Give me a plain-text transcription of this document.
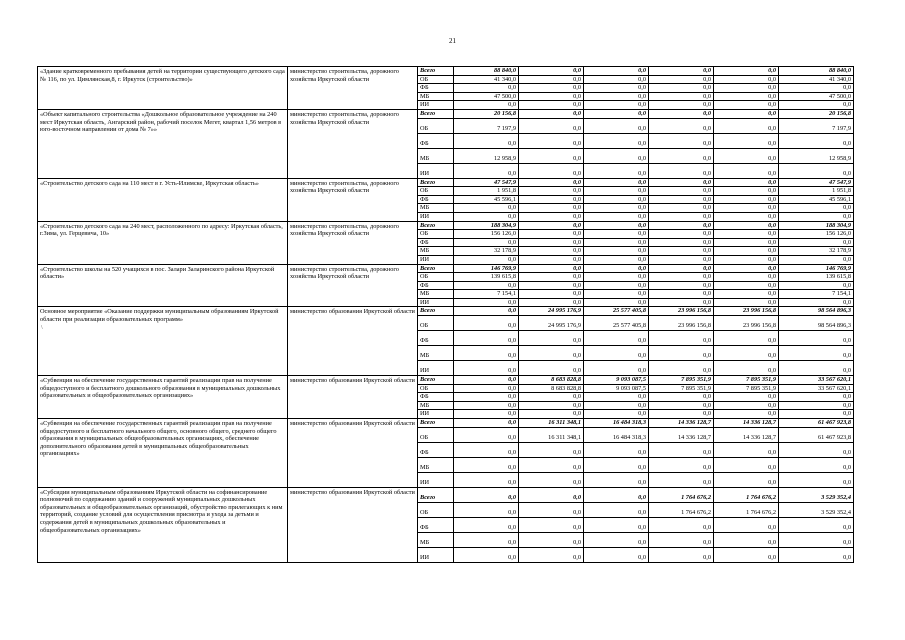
21
«Здание кратковременного пребывания детей на территории существующего детского сада № 116, по ул. Цимлянская,8, г. Иркутск (строительство)»	министерство строительства, дорожного хозяйства Иркутской области	Всего	88 840,0	0,0	0,0	0,0	0,0	88 840,0
		ОБ	41 340,0	0,0	0,0	0,0	0,0	41 340,0
		ФБ	0,0	0,0	0,0	0,0	0,0	0,0
		МБ	47 500,0	0,0	0,0	0,0	0,0	47 500,0
		ИИ	0,0	0,0	0,0	0,0	0,0	0,0
«Объект капитального строительства «Дошкольное образовательное учреждение на 240 мест Иркутская область, Ангарский район, рабочий поселок Мегет, квартал 1,56 метров в юго-восточном направлении от дома № 7»»	министерство строительства, дорожного хозяйства Иркутской области	Всего	20 156,8	0,0	0,0	0,0	0,0	20 156,8
		ОБ	7 197,9	0,0	0,0	0,0	0,0	7 197,9
		ФБ	0,0	0,0	0,0	0,0	0,0	0,0
		МБ	12 958,9	0,0	0,0	0,0	0,0	12 958,9
		ИИ	0,0	0,0	0,0	0,0	0,0	0,0
«Строительство детского сада на 110 мест в г. Усть-Илимске, Иркутская область»	министерство строительства, дорожного хозяйства Иркутской области	Всего	47 547,9	0,0	0,0	0,0	0,0	47 547,9
		ОБ	1 951,8	0,0	0,0	0,0	0,0	1 951,8
		ФБ	45 596,1	0,0	0,0	0,0	0,0	45 596,1
		МБ	0,0	0,0	0,0	0,0	0,0	0,0
		ИИ	0,0	0,0	0,0	0,0	0,0	0,0
«Строительство детского сада на 240 мест, расположенного по адресу: Иркутская область, г.Зима, ул. Герцевича, 10»	министерство строительства, дорожного хозяйства Иркутской области	Всего	188 304,9	0,0	0,0	0,0	0,0	188 304,9
		ОБ	156 126,0	0,0	0,0	0,0	0,0	156 126,0
		ФБ	0,0	0,0	0,0	0,0	0,0	0,0
		МБ	32 178,9	0,0	0,0	0,0	0,0	32 178,9
		ИИ	0,0	0,0	0,0	0,0	0,0	0,0
«Строительство школы на 520 учащихся в пос. Залари Заларинского района Иркутской области»	министерство строительства, дорожного хозяйства Иркутской области	Всего	146 769,9	0,0	0,0	0,0	0,0	146 769,9
		ОБ	139 615,8	0,0	0,0	0,0	0,0	139 615,8
		ФБ	0,0	0,0	0,0	0,0	0,0	0,0
		МБ	7 154,1	0,0	0,0	0,0	0,0	7 154,1
		ИИ	0,0	0,0	0,0	0,0	0,0	0,0
Основное мероприятие «Оказание поддержки муниципальным образованиям Иркутской области при реализации образовательных программ»	министерство образования Иркутской области	Всего	0,0	24 995 176,9	25 577 405,8	23 996 156,8	23 996 156,8	98 564 896,3
		ОБ	0,0	24 995 176,9	25 577 405,8	23 996 156,8	23 996 156,8	98 564 896,3
		ФБ	0,0	0,0	0,0	0,0	0,0	0,0
		МБ	0,0	0,0	0,0	0,0	0,0	0,0
		ИИ	0,0	0,0	0,0	0,0	0,0	0,0
«Субвенция на обеспечение государственных гарантий реализации прав на получение общедоступного и бесплатного дошкольного образования в муниципальных дошкольных образовательных и общеобразовательных организациях»	министерство образования Иркутской области	Всего	0,0	8 683 828,8	9 093 087,5	7 895 351,9	7 895 351,9	33 567 620,1
		ОБ	0,0	8 683 828,8	9 093 087,5	7 895 351,9	7 895 351,9	33 567 620,1
		ФБ	0,0	0,0	0,0	0,0	0,0	0,0
		МБ	0,0	0,0	0,0	0,0	0,0	0,0
		ИИ	0,0	0,0	0,0	0,0	0,0	0,0
«Субвенция на обеспечение государственных гарантий реализации прав на получение общедоступного и бесплатного начального общего, основного общего, среднего общего образования в муниципальных общеобразовательных организациях, обеспечение дополнительного образования детей в муниципальных общеобразовательных организациях»	министерство образования Иркутской области	Всего	0,0	16 311 348,1	16 484 318,3	14 336 128,7	14 336 128,7	61 467 923,8
		ОБ	0,0	16 311 348,1	16 484 318,3	14 336 128,7	14 336 128,7	61 467 923,8
		ФБ	0,0	0,0	0,0	0,0	0,0	0,0
		МБ	0,0	0,0	0,0	0,0	0,0	0,0
		ИИ	0,0	0,0	0,0	0,0	0,0	0,0
«Субсидии муниципальным образованиям Иркутской области на софинансирование полномочий по содержанию зданий и сооружений муниципальных дошкольных образовательных и общеобразовательных организаций, обустройство прилегающих к ним территорий, создание условий для осуществления присмотра и ухода за детьми и содержания детей в муниципальных дошкольных образовательных и общеобразовательных организациях»	министерство образования Иркутской области	Всего	0,0	0,0	0,0	1 764 676,2	1 764 676,2	3 529 352,4
		ОБ	0,0	0,0	0,0	1 764 676,2	1 764 676,2	3 529 352,4
		ФБ	0,0	0,0	0,0	0,0	0,0	0,0
		МБ	0,0	0,0	0,0	0,0	0,0	0,0
		ИИ	0,0	0,0	0,0	0,0	0,0	0,0
\
